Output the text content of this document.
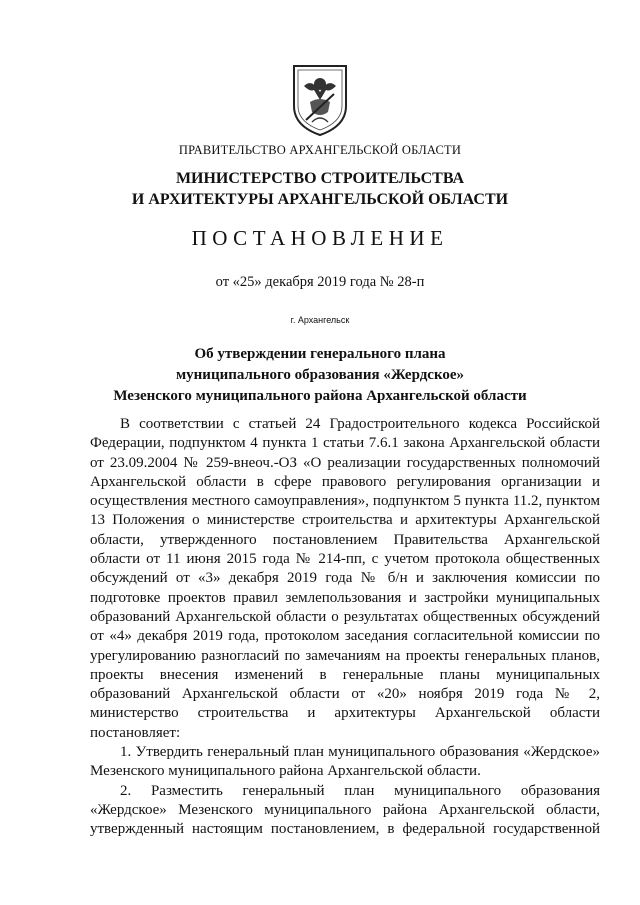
ПРАВИТЕЛЬСТВО АРХАНГЕЛЬСКОЙ ОБЛАСТИ
МИНИСТЕРСТВО СТРОИТЕЛЬСТВА
И АРХИТЕКТУРЫ АРХАНГЕЛЬСКОЙ ОБЛАСТИ
ПОСТАНОВЛЕНИЕ
от «25» декабря 2019 года № 28-п
г. Архангельск
Об утверждении генерального плана
муниципального образования «Жердское»
Мезенского муниципального района Архангельской области

В соответствии с статьей 24 Градостроительного кодекса Российской Федерации, подпунктом 4 пункта 1 статьи 7.6.1 закона Архангельской области от 23.09.2004 № 259-внеоч.-ОЗ «О реализации государственных полномочий Архангельской области в сфере правового регулирования организации и осуществления местного самоуправления», подпунктом 5 пункта 11.2, пунктом 13 Положения о министерстве строительства и архитектуры Архангельской области, утвержденного постановлением Правительства Архангельской области от 11 июня 2015 года № 214-пп, с учетом протокола общественных обсуждений от «3» декабря 2019 года № б/н и заключения комиссии по подготовке проектов правил землепользования и застройки муниципальных образований Архангельской области о результатах общественных обсуждений от «4» декабря 2019 года, протоколом заседания согласительной комиссии по урегулированию разногласий по замечаниям на проекты генеральных планов, проекты внесения изменений в генеральные планы муниципальных образований Архангельской области от «20» ноября 2019 года № 2, министерство строительства и архитектуры Архангельской области постановляет:

1. Утвердить генеральный план муниципального образования «Жердское» Мезенского муниципального района Архангельской области.

2. Разместить генеральный план муниципального образования «Жердское» Мезенского муниципального района Архангельской области, утвержденный настоящим постановлением, в федеральной государственной
